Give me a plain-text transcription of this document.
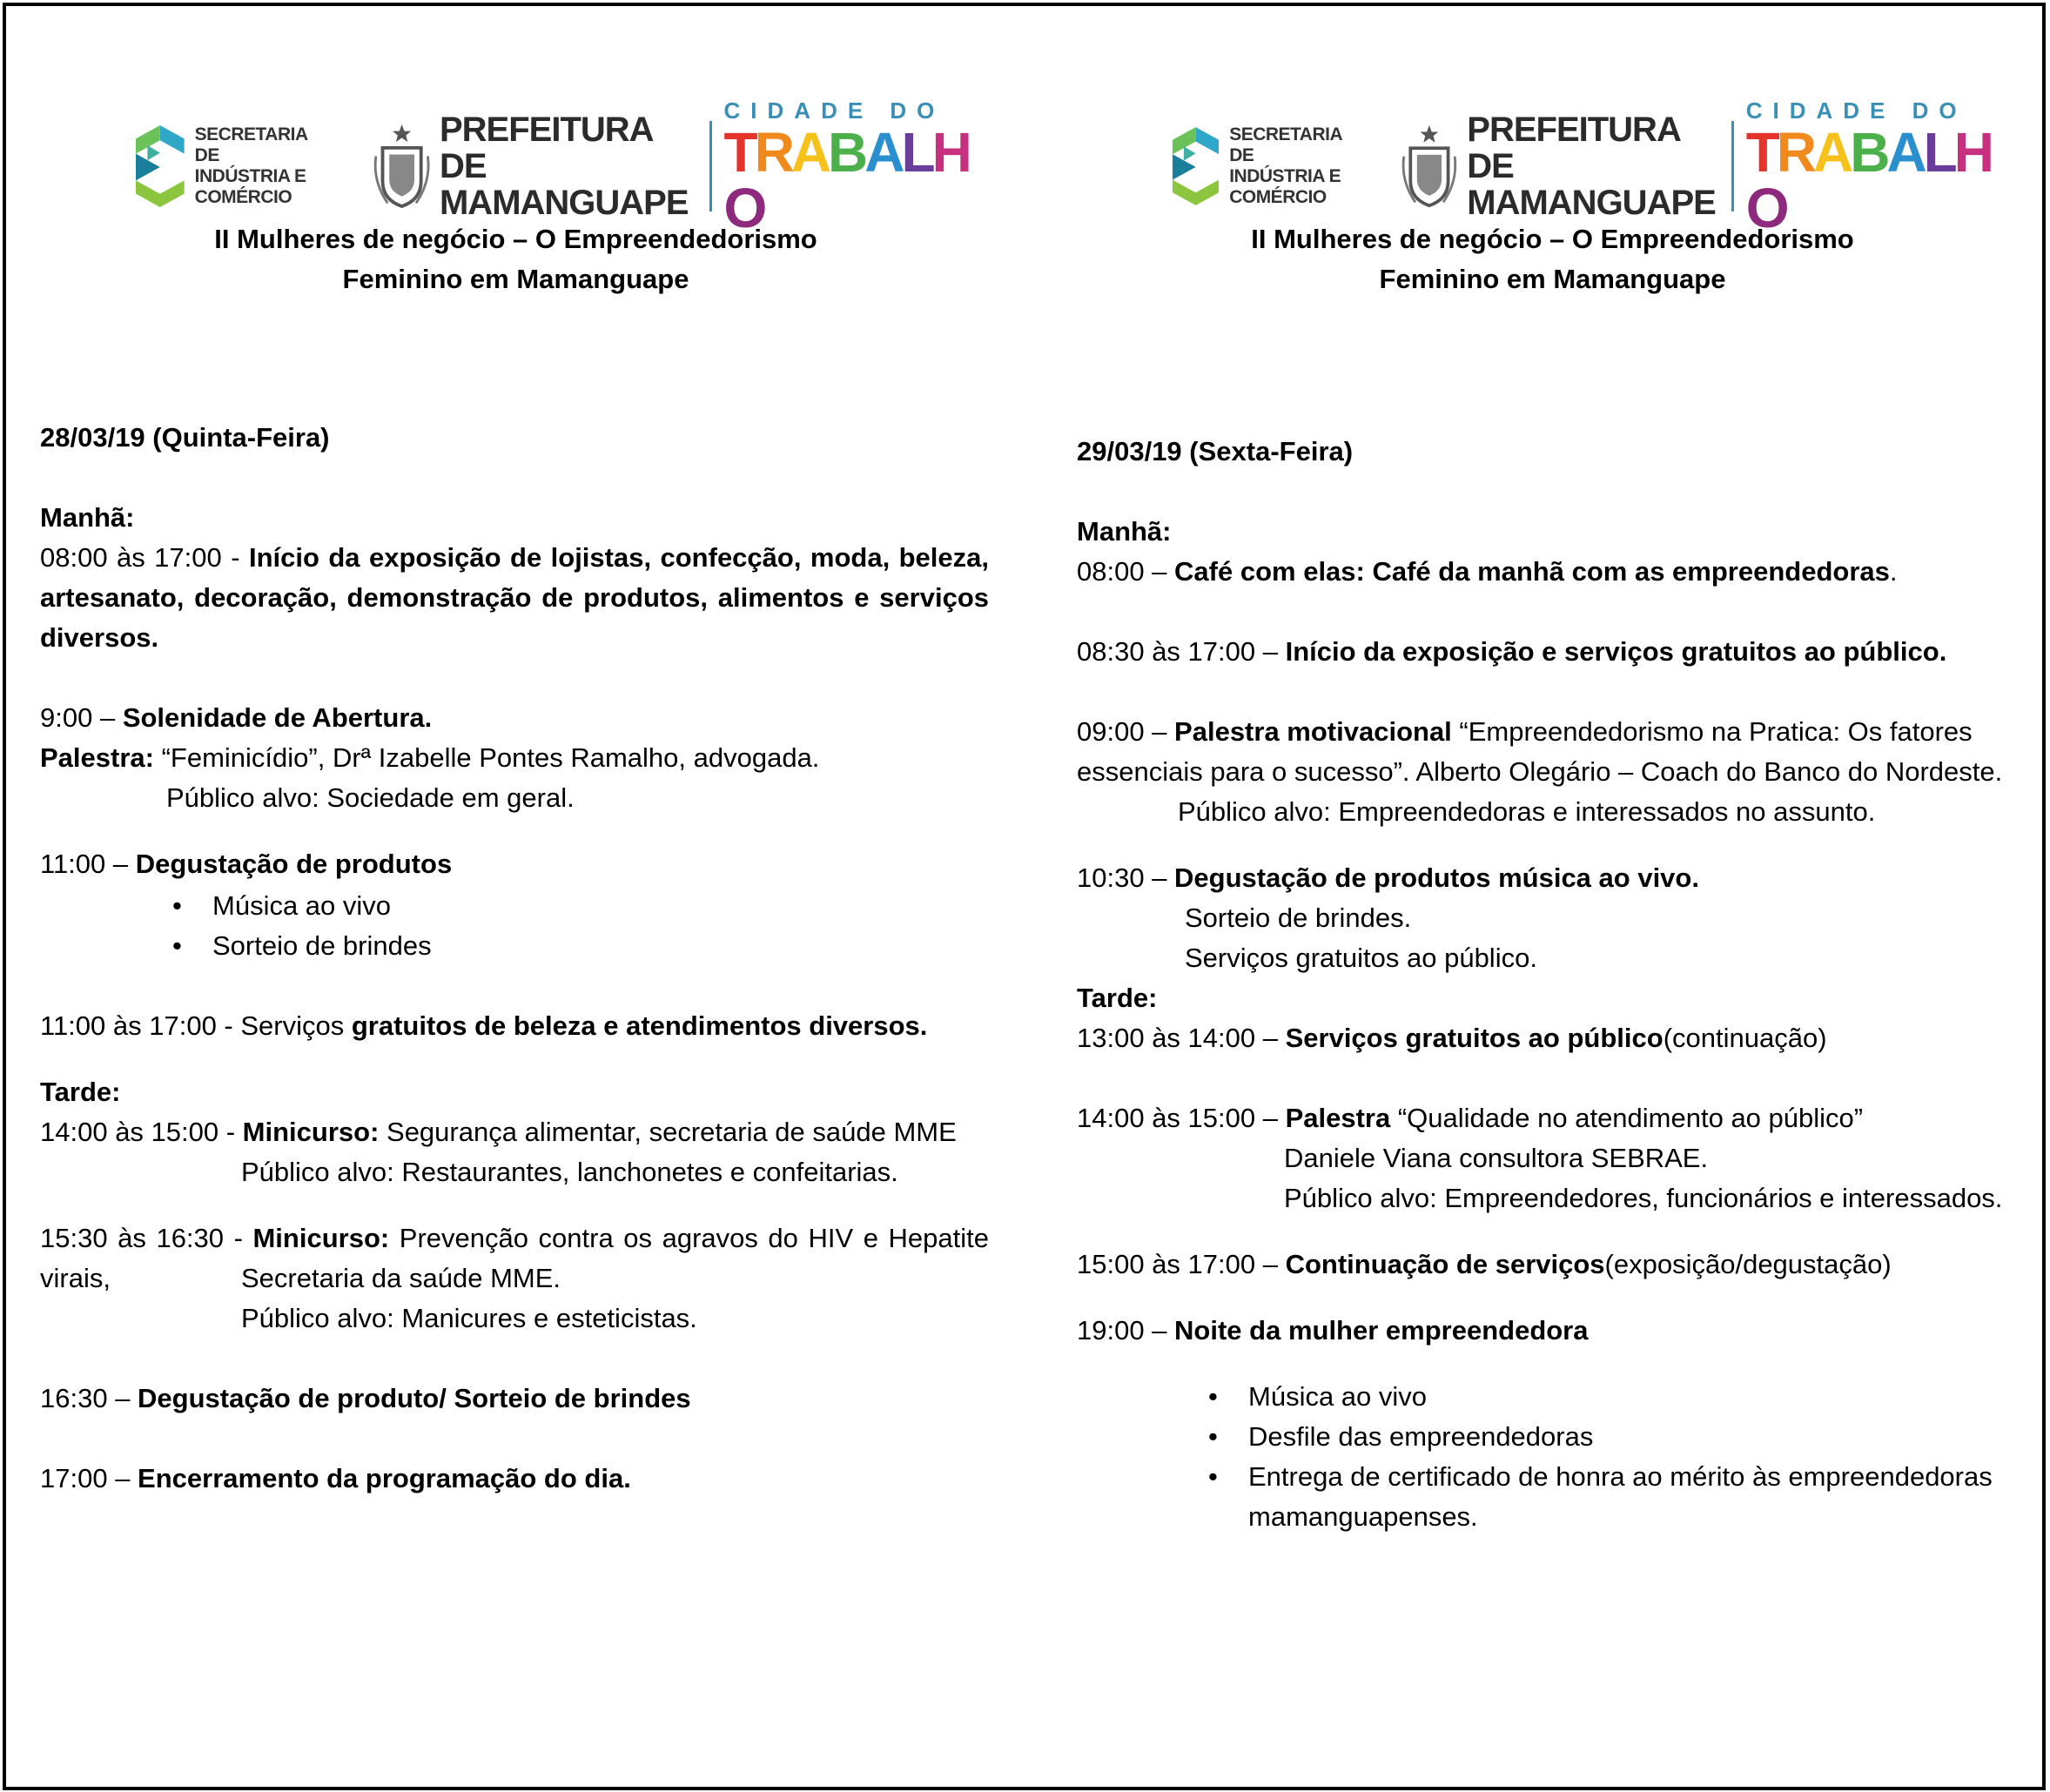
SECRETARIA DE
INDÚSTRIA E
COMÉRCIO
PREFEITURA DE
MAMANGUAPE
CIDADE DO
TRABALHO
II Mulheres de negócio – O Empreendedorismo
Feminino em Mamanguape

28/03/19 (Quinta-Feira)

Manhã:

08:00 às 17:00 - Início da exposição de lojistas, confecção, moda, beleza, artesanato, decoração, demonstração de produtos, alimentos e serviços diversos.

9:00 – Solenidade de Abertura.

Palestra: “Feminicídio”, Drª Izabelle Pontes Ramalho, advogada.

Público alvo: Sociedade em geral.

11:00 – Degustação de produtos

• Música ao vivo
• Sorteio de brindes

11:00 às 17:00 - Serviços gratuitos de beleza e atendimentos diversos.

Tarde:

14:00 às 15:00 - Minicurso: Segurança alimentar, secretaria de saúde MME

Público alvo: Restaurantes, lanchonetes e confeitarias.

15:30 às 16:30 - Minicurso: Prevenção contra os agravos do HIV e Hepatite

virais,	Secretaria da saúde MME.

Público alvo: Manicures e esteticistas.

16:30 – Degustação de produto/ Sorteio de brindes

17:00 – Encerramento da programação do dia.

SECRETARIA DE
INDÚSTRIA E
COMÉRCIO
PREFEITURA DE
MAMANGUAPE
CIDADE DO
TRABALHO
II Mulheres de negócio – O Empreendedorismo
Feminino em Mamanguape

29/03/19 (Sexta-Feira)

Manhã:

08:00 – Café com elas: Café da manhã com as empreendedoras.

08:30 às 17:00 – Início da exposição e serviços gratuitos ao público.

09:00 – Palestra motivacional “Empreendedorismo na Pratica: Os fatores essenciais para o sucesso”. Alberto Olegário – Coach do Banco do Nordeste.

Público alvo: Empreendedoras e interessados no assunto.

10:30 – Degustação de produtos música ao vivo.

Sorteio de brindes.

Serviços gratuitos ao público.

Tarde:

13:00 às 14:00 – Serviços gratuitos ao público(continuação)

14:00 às 15:00 – Palestra “Qualidade no atendimento ao público”

Daniele Viana consultora SEBRAE.

Público alvo: Empreendedores, funcionários e interessados.

15:00 às 17:00 – Continuação de serviços(exposição/degustação)

19:00 – Noite da mulher empreendedora

• Música ao vivo
• Desfile das empreendedoras
• Entrega de certificado de honra ao mérito às empreendedoras mamanguapenses.
